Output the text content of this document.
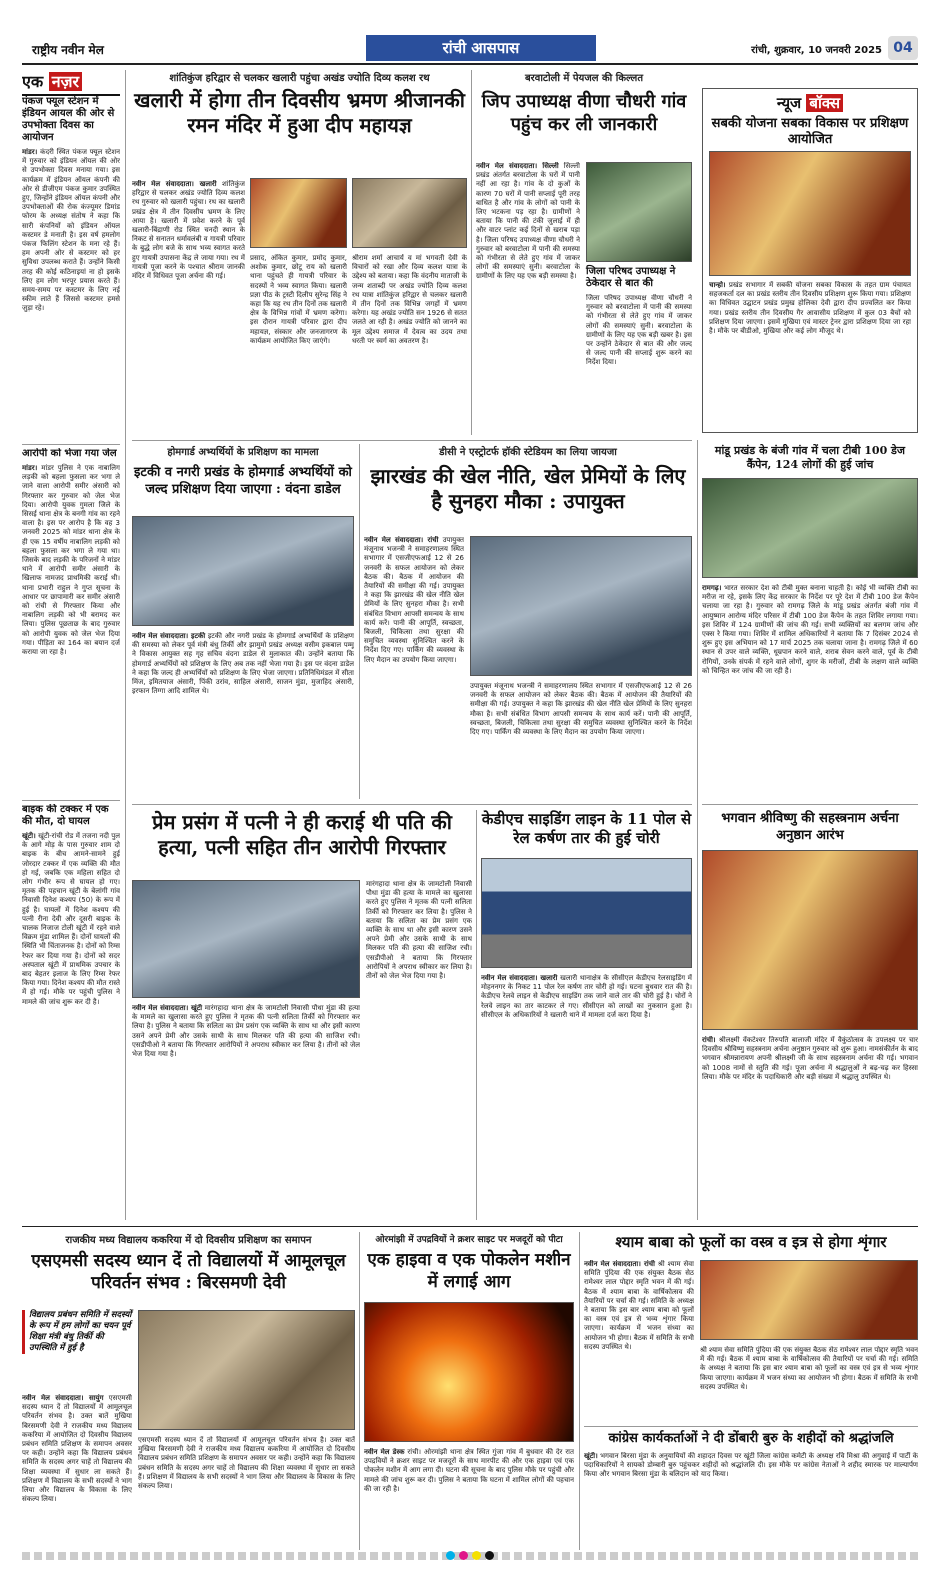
राष्ट्रीय नवीन मेल	रांची आसपास	रांची, शुक्रवार, 10 जनवरी 2025 04
एक नज़र
पंकज फ्यूल स्टेशन में इंडियन आयल की ओर से उपभोक्ता दिवस का आयोजन
मांडर। कंदरी स्थित पंकज फ्यूल स्टेशन में गुरुवार को इंडियन ऑयल की ओर से उपभोक्ता दिवस मनाया गया। इस कार्यक्रम में इंडियन ऑयल कंपनी की ओर से डीजीएम पंकज कुमार उपस्थित हुए, जिन्होंने इंडियन ऑयल कंपनी और उपभोक्ताओं की रोक कंज्यूमर डिमांड फोरम के अध्यक्ष संतोष ने कहा कि सारी कंपनियों को इंडियन ऑयल कस्टमर डे मनाती है। इस वर्ष हमलोग पंकज फिलिंग स्टेशन के मना रहे हैं। हम अपनी ओर से कस्टमर को हर सुविधा उपलब्ध कराते हैं। उन्होंने किसी तरह की कोई कठिनाइयां ना हो इसके लिए हम लोग भरपूर प्रयास करते हैं। समय-समय पर कस्टमर के लिए नई स्कीम लाते हैं जिससे कस्टमर हमसे जुड़ा रहे।
आरोपी को भेजा गया जेल
मांडर। मांडर पुलिस ने एक नाबालिग लड़की को बहला फुसला कर भगा ले जाने वाला आरोपी समीर अंसारी को गिरफ्तार कर गुरुवार को जेल भेज दिया। आरोपी युवक गुमला जिले के सिसई थाना क्षेत्र के बनगी गांव का रहने वाला है। इस पर आरोप है कि वह 3 जनवरी 2025 को मांडर थाना क्षेत्र के ही एक 15 वर्षीय नाबालिग लड़की को बहला फुसला कर भगा ले गया था। जिसके बाद लड़की के परिजनों ने मांडर थाने में आरोपी समीर अंसारी के खिलाफ नामजद प्राथमिकी कराई थी। थाना प्रभारी राहुल ने गुप्त सूचना के आधार पर छापामारी कर समीर अंसारी को रांची से गिरफ्तार किया और नाबालिग लड़की को भी बरामद कर लिया। पुलिस पूछताछ के बाद गुरुवार को आरोपी युवक को जेल भेज दिया गया। पीड़िता का 164 का बयान दर्ज कराया जा रहा है।
बाइक की टक्कर में एक की मौत, दो घायल
खूंटी। खूंटी-रांची रोड में तजना नदी पुल के आगे मोड़ के पास गुरुवार शाम दो बाइक के बीच आमने-सामने हुई जोरदार टक्कर में एक व्यक्ति की मौत हो गई, जबकि एक महिला सहित दो लोग गंभीर रूप से घायल हो गए। मृतक की पहचान खूंटी के बेलांगी गांव निवासी दिनेश कश्यप (50) के रूप में हुई है। घायलों में दिनेश कश्यप की पत्नी रीना देवी और दूसरी बाइक के चालक निजाज टोली खूंटी में रहने वाले विक्रम मुंडा शामिल हैं। दोनों घायलों की स्थिति भी चिंताजनक है। दोनों को रिम्स रेफर कर दिया गया है। दोनों को सदर अस्पताल खूंटी में प्राथमिक उपचार के बाद बेहतर इलाज के लिए रिम्स रेफर किया गया। दिनेश कश्यप की मौत रास्ते में हो गई। मौके पर पहुंची पुलिस ने मामले की जांच शुरू कर दी है।
शांतिकुंज हरिद्वार से चलकर खलारी पहुंचा अखंड ज्योति दिव्य कलश रथ
खलारी में होगा तीन दिवसीय भ्रमण श्रीजानकी रमन मंदिर में हुआ दीप महायज्ञ
नवीन मेल संवाददाता। खलारी शांतिकुंज हरिद्वार से चलकर अखंड ज्योति दिव्य कलश रथ गुरुवार को खलारी पहुंचा। रथ का खलारी प्रखंड क्षेत्र में तीन दिवसीय भ्रमण के लिए आया है। खलारी में प्रवेश करने के पूर्व खलारी-बिंद्राणी रोड स्थित चनदी स्थान के निकट से सनातन धर्मावलंबी व गायत्री परिवार के बुद्धे लोग बजे के साथ भव्य स्वागत करते हुए गायत्री उपासना केंद्र ले जाया गया। रथ में गायत्री पूजा करने के पश्चात श्रीराम जानकी मंदिर में विधिवत पूजा अर्चना की गई।
प्रसाद, अंकित कुमार, प्रमोद कुमार, अशोक कुमार, छोटू राय को खलारी थाना पहुंचते ही गायत्री परिवार के सदस्यों ने भव्य स्वागत किया। खलारी प्रज्ञा पीठ के ट्रस्टी दिलीप सुरेन्द्र सिंह ने कहा कि यह रथ तीन दिनों तक खलारी क्षेत्र के विभिन्न गांवों में भ्रमण करेगा। इस दौरान गायत्री परिवार द्वारा दीप महायज्ञ, संस्कार और जनजागरण के कार्यक्रम आयोजित किए जाएंगे।
श्रीराम शर्मा आचार्य व मां भगवती देवी के विचारों को रखा और दिव्य कलश यात्रा के उद्देश्य को बताया। कहा कि वंदनीय माताजी के जन्म शताब्दी पर अखंड ज्योति दिव्य कलश रथ यात्रा शांतिकुंज हरिद्वार से चलकर खलारी में तीन दिनों तक विभिन्न जगहों में भ्रमण करेगा। यह अखंड ज्योति सन 1926 से सतत जलते आ रही है। अखंड ज्योति को जानने का मूल उद्देश्य समाज में देवत्व का उदय तथा धरती पर स्वर्ग का अवतरण है।
बरवाटोली में पेयजल की किल्लत
जिप उपाध्यक्ष वीणा चौधरी गांव पहुंच कर ली जानकारी
नवीन मेल संवाददाता। सिल्ली सिल्ली प्रखंड अंतर्गत बरवाटोला के घरों में पानी नहीं आ रहा है। गांव के दो कुओं के कारण 70 घरों में पानी सप्लाई पूरी तरह बाधित है और गांव के लोगों को पानी के लिए भटकना पड़ रहा है। ग्रामीणों ने बताया कि पानी की टंकी जुलाई में ही और वाटर प्लांट कई दिनों से खराब पड़ा है। जिला परिषद उपाध्यक्ष वीणा चौधरी ने गुरुवार को बरवाटोला में पानी की समस्या को गंभीरता से लेते हुए गांव में जाकर लोगों की समस्याएं सुनी। बरवाटोला के ग्रामीणों के लिए यह एक बड़ी समस्या है। जिला परिषद उपाध्यक्ष ने ठेकेदार से बात की
जिला परिषद उपाध्यक्ष वीणा चौधरी ने गुरुवार को बरवाटोला में पानी की समस्या को गंभीरता से लेते हुए गांव में जाकर लोगों की समस्याएं सुनी। बरवाटोला के ग्रामीणों के लिए यह एक बड़ी खबर है। इस पर उन्होंने ठेकेदार से बात की और जल्द से जल्द पानी की सप्लाई शुरू करने का निर्देश दिया।
न्यूज बॉक्स
सबकी योजना सबका विकास पर प्रशिक्षण आयोजित
चान्हो। प्रखंड सभागार में सबकी योजना सबका विकास के तहत ग्राम पंचायत सहजकर्ता दल का प्रखंड स्तरीय तीन दिवसीय प्रशिक्षण शुरू किया गया। प्रशिक्षण का विधिवत उद्घाटन प्रखंड प्रमुख होलिका देवी द्वारा दीप प्रज्वलित कर किया गया। प्रखंड स्तरीय तीन दिवसीय गैर आवासीय प्रशिक्षण में कुल 03 बैचों को प्रशिक्षण दिया जाएगा। इसमें मुखिया एवं मास्टर ट्रेनर द्वारा प्रशिक्षण दिया जा रहा है। मौके पर बीडीओ, मुखिया और कई लोग मौजूद थे।
होमगार्ड अभ्यर्थियों के प्रशिक्षण का मामला
इटकी व नगरी प्रखंड के होमगार्ड अभ्यर्थियों को जल्द प्रशिक्षण दिया जाएगा : वंदना डाडेल
नवीन मेल संवाददाता। इटकी इटकी और नगरी प्रखंड के होमगार्ड अभ्यर्थियों के प्रशिक्षण की समस्या को लेकर पूर्व मंत्री बंधु तिर्की और झामुमो प्रखंड अध्यक्ष वसीम इकबाल पम्मू ने विकास आयुक्त सह गृह सचिव वंदना डाडेल से मुलाकात की। उन्होंने बताया कि होमगार्ड अभ्यर्थियों को प्रशिक्षण के लिए अब तक नहीं भेजा गया है। इस पर वंदना डाडेल ने कहा कि जल्द ही अभ्यर्थियों को प्रशिक्षण के लिए भेजा जाएगा। प्रतिनिधिमंडल में सीता मिंज, इमितयाज अंसारी, पिंकी उरांव, साहिल अंसारी, साजन मुंडा, मुजाहिद अंसारी, इरफान तिग्गा आदि शामिल थे।
डीसी ने एस्ट्रोटर्फ हॉकी स्टेडियम का लिया जायजा
झारखंड की खेल नीति, खेल प्रेमियों के लिए है सुनहरा मौका : उपायुक्त
नवीन मेल संवाददाता। रांची उपायुक्त मंजूनाथ भजन्त्री ने समाहरणालय स्थित सभागार में एसजीएफआई 12 से 26 जनवरी के सफल आयोजन को लेकर बैठक की। बैठक में आयोजन की तैयारियों की समीक्षा की गई। उपायुक्त ने कहा कि झारखंड की खेल नीति खेल प्रेमियों के लिए सुनहरा मौका है। सभी संबंधित विभाग आपसी समन्वय के साथ कार्य करें। पानी की आपूर्ति, स्वच्छता, बिजली, चिकित्सा तथा सुरक्षा की समुचित व्यवस्था सुनिश्चित करने के निर्देश दिए गए। पार्किंग की व्यवस्था के लिए मैदान का उपयोग किया जाएगा।
उपायुक्त मंजूनाथ भजन्त्री ने समाहरणालय स्थित सभागार में एसजीएफआई 12 से 26 जनवरी के सफल आयोजन को लेकर बैठक की। बैठक में आयोजन की तैयारियों की समीक्षा की गई। उपायुक्त ने कहा कि झारखंड की खेल नीति खेल प्रेमियों के लिए सुनहरा मौका है। सभी संबंधित विभाग आपसी समन्वय के साथ कार्य करें। पानी की आपूर्ति, स्वच्छता, बिजली, चिकित्सा तथा सुरक्षा की समुचित व्यवस्था सुनिश्चित करने के निर्देश दिए गए। पार्किंग की व्यवस्था के लिए मैदान का उपयोग किया जाएगा।
मांडू प्रखंड के बंजी गांव में चला टीबी 100 डेज कैंपेन, 124 लोगों की हुई जांच
रामगढ़। भारत सरकार देश को टीबी मुक्त बनाना चाहती है। कोई भी व्यक्ति टीबी का मरीज ना रहे, इसके लिए केंद्र सरकार के निर्देश पर पूरे देश में टीबी 100 डेज कैंपेन चलाया जा रहा है। गुरुवार को रामगढ़ जिले के मांडू प्रखंड अंतर्गत बंजी गांव में आयुष्मान आरोग्य मंदिर परिसर में टीबी 100 डेज कैंपेन के तहत शिविर लगाया गया। इस शिविर में 124 ग्रामीणों की जांच की गई। सभी व्यक्तियों का बलगम जांच और एक्स रे किया गया। शिविर में शामिल अधिकारियों ने बताया कि 7 दिसंबर 2024 से शुरू हुए इस अभियान को 17 मार्च 2025 तक चलाया जाना है। रामगढ़ जिले में 60 स्थान से उपर वाले व्यक्ति, धूम्रपान करने वाले, शराब सेवन करने वाले, पूर्व के टीबी रोगियों, उनके संपर्क में रहने वाले लोगों, शुगर के मरीजों, टीबी के लक्षण वाले व्यक्ति को चिन्हित कर जांच की जा रही है।
प्रेम प्रसंग में पत्नी ने ही कराई थी पति की हत्या, पत्नी सहित तीन आरोपी गिरफ्तार
नवीन मेल संवाददाता। खूंटी मारंगहादा थाना क्षेत्र के जामटोली निवासी पौधा मुंडा की हत्या के मामले का खुलासा करते हुए पुलिस ने मृतक की पत्नी सलिता तिर्की को गिरफ्तार कर लिया है। पुलिस ने बताया कि सलिता का प्रेम प्रसंग एक व्यक्ति के साथ था और इसी कारण उसने अपने प्रेमी और उसके साथी के साथ मिलकर पति की हत्या की साजिश रची। एसडीपीओ ने बताया कि गिरफ्तार आरोपियों ने अपराध स्वीकार कर लिया है। तीनों को जेल भेज दिया गया है।
मारंगहादा थाना क्षेत्र के जामटोली निवासी पौधा मुंडा की हत्या के मामले का खुलासा करते हुए पुलिस ने मृतक की पत्नी सलिता तिर्की को गिरफ्तार कर लिया है। पुलिस ने बताया कि सलिता का प्रेम प्रसंग एक व्यक्ति के साथ था और इसी कारण उसने अपने प्रेमी और उसके साथी के साथ मिलकर पति की हत्या की साजिश रची। एसडीपीओ ने बताया कि गिरफ्तार आरोपियों ने अपराध स्वीकार कर लिया है। तीनों को जेल भेज दिया गया है।
केडीएच साइडिंग लाइन के 11 पोल से रेल कर्षण तार की हुई चोरी
नवीन मेल संवाददाता। खलारी खलारी थानाक्षेत्र के सीसीएल केडीएच रेलसाइडिंग में मोहननगर के निकट 11 पोल रेल कर्षण तार चोरी हो गई। घटना बुधवार रात की है। केडीएच रेलवे लाइन से केडीएच साइडिंग तक जाने वाले तार की चोरी हुई है। चोरों ने रेलवे लाइन का तार काटकर ले गए। सीसीएल को लाखों का नुकसान हुआ है। सीसीएल के अधिकारियों ने खलारी थाने में मामला दर्ज करा दिया है।
भगवान श्रीविष्णु की सहस्त्रनाम अर्चना अनुष्ठान आरंभ
रांची। श्रीलक्ष्मी वेंकटेश्वर तिरुपति बालाजी मंदिर में वैकुंठोत्सव के उपलक्ष्य पर चार दिवसीय श्रीविष्णु सहस्त्रनाम अर्चना अनुष्ठान गुरुवार को शुरू हुआ। नामसंकीर्तन के बाद भगवान श्रीमन्नारायण अपनी श्रीलक्ष्मी जी के साथ सहस्त्रनाम अर्चना की गई। भगवान को 1008 नामों से स्तुति की गई। पूजा अर्चना में श्रद्धालुओं ने बढ़-चढ़ कर हिस्सा लिया। मौके पर मंदिर के पदाधिकारी और बड़ी संख्या में श्रद्धालु उपस्थित थे।
राजकीय मध्य विद्यालय ककरिया में दो दिवसीय प्रशिक्षण का समापन
एसएमसी सदस्य ध्यान दें तो विद्यालयों में आमूलचूल परिवर्तन संभव : बिरसमणी देवी
विद्यालय प्रबंधन समिति में सदस्यों के रूप में हम लोगों का चयन पूर्व शिक्षा मंत्री बंधु तिर्की की उपस्थिति में हुई है
नवीन मेल संवाददाता। सायुंग एसएमसी सदस्य ध्यान दें तो विद्यालयों में आमूलचूल परिवर्तन संभव है। उक्त बातें मुखिया बिरसमणी देवी ने राजकीय मध्य विद्यालय ककरिया में आयोजित दो दिवसीय विद्यालय प्रबंधन समिति प्रशिक्षण के समापन अवसर पर कही। उन्होंने कहा कि विद्यालय प्रबंधन समिति के सदस्य अगर चाहें तो विद्यालय की शिक्षा व्यवस्था में सुधार ला सकते हैं। प्रशिक्षण में विद्यालय के सभी सदस्यों ने भाग लिया और विद्यालय के विकास के लिए संकल्प लिया।
एसएमसी सदस्य ध्यान दें तो विद्यालयों में आमूलचूल परिवर्तन संभव है। उक्त बातें मुखिया बिरसमणी देवी ने राजकीय मध्य विद्यालय ककरिया में आयोजित दो दिवसीय विद्यालय प्रबंधन समिति प्रशिक्षण के समापन अवसर पर कही। उन्होंने कहा कि विद्यालय प्रबंधन समिति के सदस्य अगर चाहें तो विद्यालय की शिक्षा व्यवस्था में सुधार ला सकते हैं। प्रशिक्षण में विद्यालय के सभी सदस्यों ने भाग लिया और विद्यालय के विकास के लिए संकल्प लिया।
ओरमांझी में उपद्रवियों ने क्रशर साइट पर मजदूरों को पीटा
एक हाइवा व एक पोकलेन मशीन में लगाई आग
नवीन मेल डेस्क रांची। ओरमांझी थाना क्षेत्र स्थित गुंजा गांव में बुधवार की देर रात उपद्रवियों ने क्रशर साइट पर मजदूरों के साथ मारपीट की और एक हाइवा एवं एक पोकलेन मशीन में आग लगा दी। घटना की सूचना के बाद पुलिस मौके पर पहुंची और मामले की जांच शुरू कर दी। पुलिस ने बताया कि घटना में शामिल लोगों की पहचान की जा रही है।
श्याम बाबा को फूलों का वस्त्र व इत्र से होगा शृंगार
नवीन मेल संवाददाता। रांची श्री श्याम सेवा समिति पुंदिया की एक संयुक्त बैठक सेठ रामेश्वर लाल पोद्दार स्मृति भवन में की गई। बैठक में श्याम बाबा के वार्षिकोत्सव की तैयारियों पर चर्चा की गई। समिति के अध्यक्ष ने बताया कि इस बार श्याम बाबा को फूलों का वस्त्र एवं इत्र से भव्य शृंगार किया जाएगा। कार्यक्रम में भजन संध्या का आयोजन भी होगा। बैठक में समिति के सभी सदस्य उपस्थित थे।	श्री श्याम सेवा समिति पुंदिया की एक संयुक्त बैठक सेठ रामेश्वर लाल पोद्दार स्मृति भवन में की गई। बैठक में श्याम बाबा के वार्षिकोत्सव की तैयारियों पर चर्चा की गई। समिति के अध्यक्ष ने बताया कि इस बार श्याम बाबा को फूलों का वस्त्र एवं इत्र से भव्य शृंगार किया जाएगा। कार्यक्रम में भजन संध्या का आयोजन भी होगा। बैठक में समिति के सभी सदस्य उपस्थित थे।
कांग्रेस कार्यकर्ताओं ने दी डोंबारी बुरु के शहीदों को श्रद्धांजलि
खूंटी। भगवान बिरसा मुंडा के अनुयायियों की शहादत दिवस पर खूंटी जिला कांग्रेस कमेटी के अध्यक्ष रवि मिश्रा की अगुवाई में पार्टी के पदाधिकारियों ने सायको डोम्बारी बुरु पहुंचकर शहीदों को श्रद्धांजलि दी। इस मौके पर कांग्रेस नेताओं ने शहीद स्मारक पर माल्यार्पण किया और भगवान बिरसा मुंडा के बलिदान को याद किया।
